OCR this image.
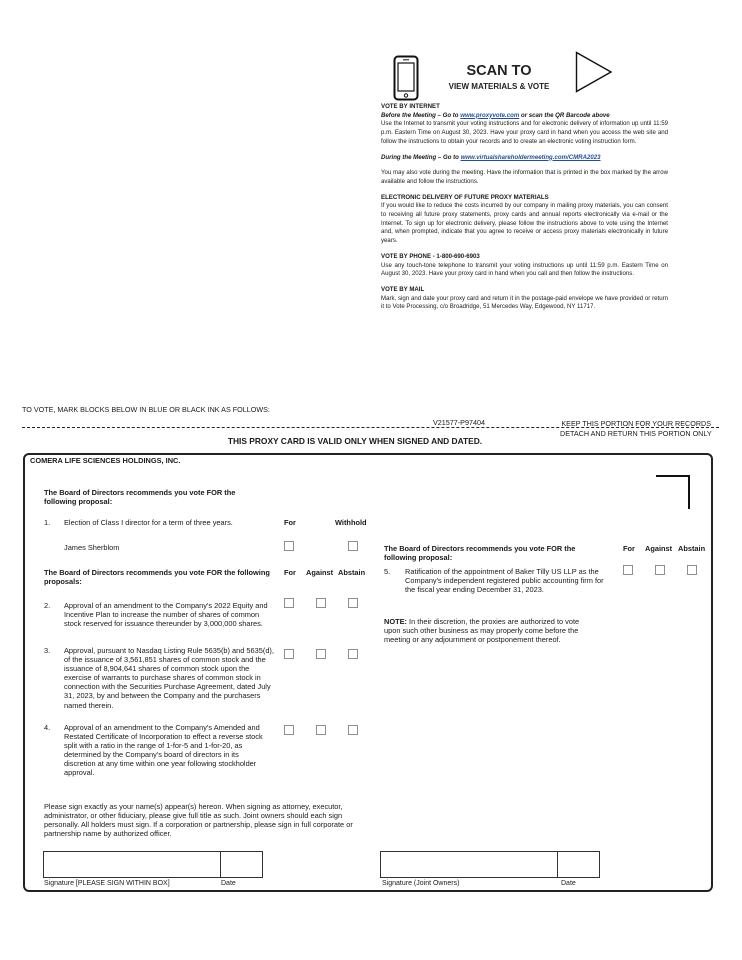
SCAN TO
VIEW MATERIALS & VOTE

VOTE BY INTERNET

Before the Meeting – Go to www.proxyvote.com or scan the QR Barcode above

Use the Internet to transmit your voting instructions and for electronic delivery of information up until 11:59 p.m. Eastern Time on August 30, 2023. Have your proxy card in hand when you access the web site and follow the instructions to obtain your records and to create an electronic voting instruction form.

During the Meeting – Go to www.virtualshareholdermeeting.com/CMRA2023

You may also vote during the meeting. Have the information that is printed in the box marked by the arrow available and follow the instructions.

ELECTRONIC DELIVERY OF FUTURE PROXY MATERIALS

If you would like to reduce the costs incurred by our company in mailing proxy materials, you can consent to receiving all future proxy statements, proxy cards and annual reports electronically via e-mail or the Internet. To sign up for electronic delivery, please follow the instructions above to vote using the Internet and, when prompted, indicate that you agree to receive or access proxy materials electronically in future years.

VOTE BY PHONE - 1-800-690-6903

Use any touch-tone telephone to transmit your voting instructions up until 11:59 p.m. Eastern Time on August 30, 2023. Have your proxy card in hand when you call and then follow the instructions.

VOTE BY MAIL

Mark, sign and date your proxy card and return it in the postage-paid envelope we have provided or return it to Vote Processing, c/o Broadridge, 51 Mercedes Way, Edgewood, NY 11717.

TO VOTE, MARK BLOCKS BELOW IN BLUE OR BLACK INK AS FOLLOWS:
V21577-P97404	KEEP THIS PORTION FOR YOUR RECORDS
DETACH AND RETURN THIS PORTION ONLY
THIS PROXY CARD IS VALID ONLY WHEN SIGNED AND DATED.
COMERA LIFE SCIENCES HOLDINGS, INC.
The Board of Directors recommends you vote FOR the following proposal:
1. Election of Class I director for a term of three years.	For	Withhold
James Sherblom
The Board of Directors recommends you vote FOR the following proposals:
For Against Abstain
2. Approval of an amendment to the Company's 2022 Equity and Incentive Plan to increase the number of shares of common stock reserved for issuance thereunder by 3,000,000 shares.
3. Approval, pursuant to Nasdaq Listing Rule 5635(b) and 5635(d), of the issuance of 3,561,851 shares of common stock and the issuance of 8,904,641 shares of common stock upon the exercise of warrants to purchase shares of common stock in connection with the Securities Purchase Agreement, dated July 31, 2023, by and between the Company and the purchasers named therein.
4. Approval of an amendment to the Company's Amended and Restated Certificate of Incorporation to effect a reverse stock split with a ratio in the range of 1-for-5 and 1-for-20, as determined by the Company's board of directors in its discretion at any time within one year following stockholder approval.
The Board of Directors recommends you vote FOR the following proposal:
For Against Abstain
5. Ratification of the appointment of Baker Tilly US LLP as the Company's independent registered public accounting firm for the fiscal year ending December 31, 2023.
NOTE: In their discretion, the proxies are authorized to vote upon such other business as may properly come before the meeting or any adjournment or postponement thereof.
Please sign exactly as your name(s) appear(s) hereon. When signing as attorney, executor, administrator, or other fiduciary, please give full title as such. Joint owners should each sign personally. All holders must sign. If a corporation or partnership, please sign in full corporate or partnership name by authorized officer.
Signature [PLEASE SIGN WITHIN BOX]	Date	Signature (Joint Owners)	Date
